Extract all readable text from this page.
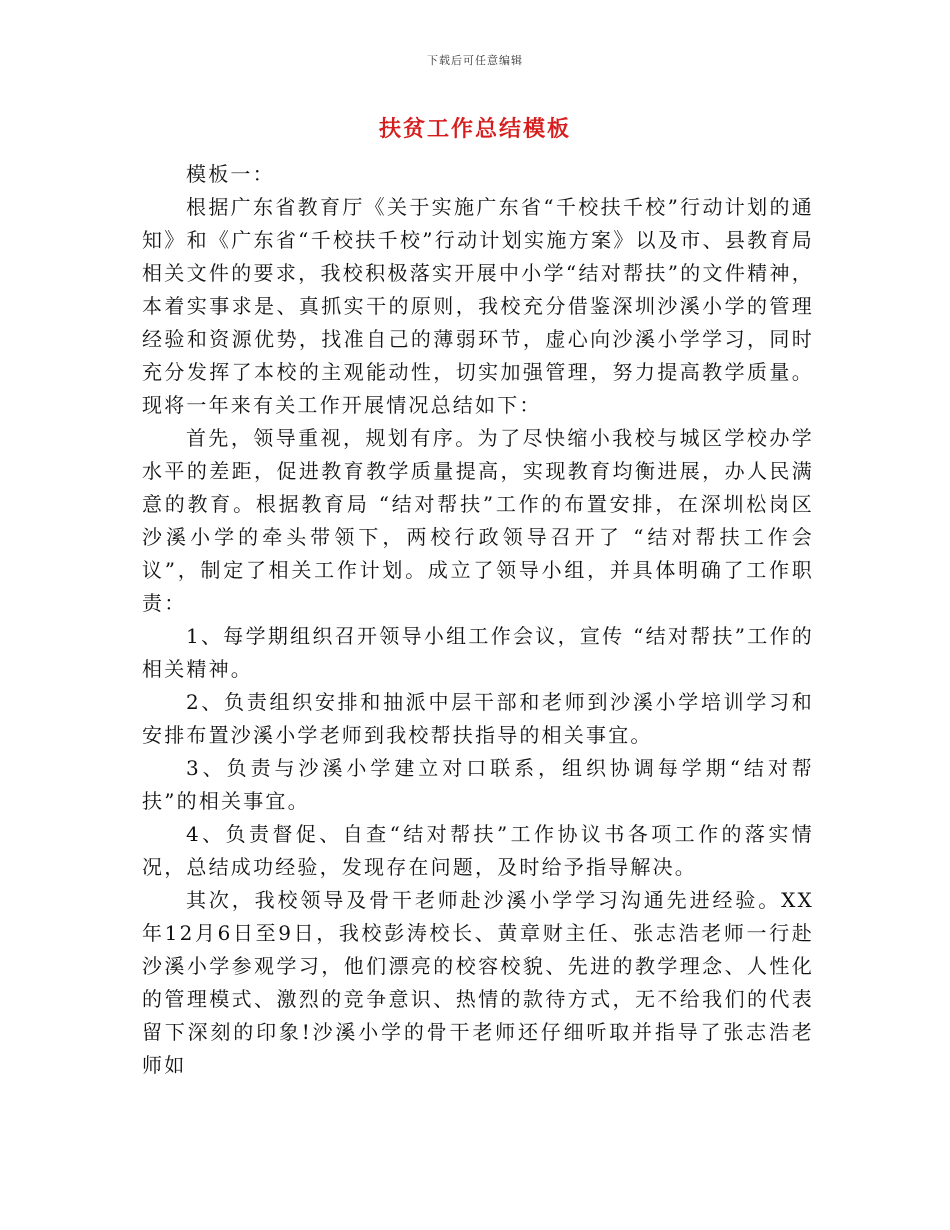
下载后可任意编辑
扶贫工作总结模板

模板一：

根据广东省教育厅《关于实施广东省“千校扶千校”行动计划的通知》和《广东省“千校扶千校”行动计划实施方案》以及市、县教育局相关文件的要求，我校积极落实开展中小学“结对帮扶”的文件精神，本着实事求是、真抓实干的原则，我校充分借鉴深圳沙溪小学的管理经验和资源优势，找准自己的薄弱环节，虚心向沙溪小学学习，同时充分发挥了本校的主观能动性，切实加强管理，努力提高教学质量。现将一年来有关工作开展情况总结如下：

首先，领导重视，规划有序。为了尽快缩小我校与城区学校办学水平的差距，促进教育教学质量提高，实现教育均衡进展，办人民满意的教育。根据教育局 “结对帮扶”工作的布置安排，在深圳松岗区沙溪小学的牵头带领下，两校行政领导召开了 “结对帮扶工作会议”，制定了相关工作计划。成立了领导小组，并具体明确了工作职责：

1、每学期组织召开领导小组工作会议，宣传 “结对帮扶”工作的相关精神。

2、负责组织安排和抽派中层干部和老师到沙溪小学培训学习和安排布置沙溪小学老师到我校帮扶指导的相关事宜。

3、负责与沙溪小学建立对口联系，组织协调每学期“结对帮扶”的相关事宜。

4、负责督促、自查“结对帮扶”工作协议书各项工作的落实情况，总结成功经验，发现存在问题，及时给予指导解决。

其次，我校领导及骨干老师赴沙溪小学学习沟通先进经验。XX年12月6日至9日，我校彭涛校长、黄章财主任、张志浩老师一行赴沙溪小学参观学习，他们漂亮的校容校貌、先进的教学理念、人性化的管理模式、激烈的竞争意识、热情的款待方式，无不给我们的代表留下深刻的印象!沙溪小学的骨干老师还仔细听取并指导了张志浩老师如
